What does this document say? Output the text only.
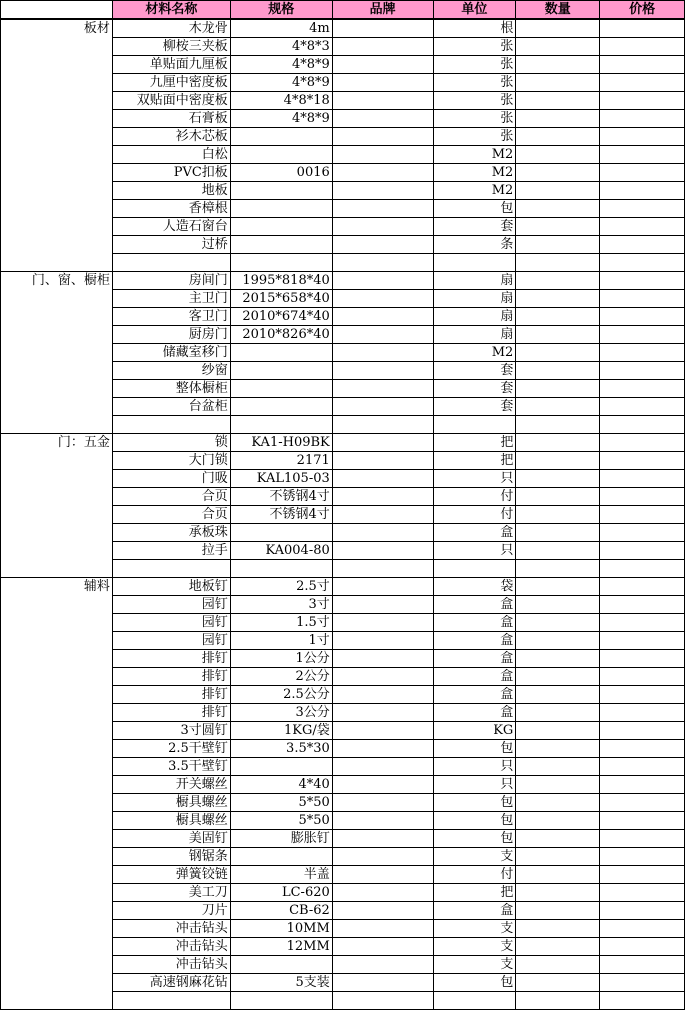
	材料名称	规格	品牌	单位	数量	价格
板材	木龙骨	4m		根		
	柳桉三夹板	4*8*3		张		
	单贴面九厘板	4*8*9		张		
	九厘中密度板	4*8*9		张		
	双贴面中密度板	4*8*18		张		
	石膏板	4*8*9		张		
	衫木芯板			张		
	白松			M2		
	PVC扣板	0016		M2		
	地板			M2		
	香樟根			包		
	人造石窗台			套		
	过桥			条		

门、窗、橱柜	房间门	1995*818*40		扇		
	主卫门	2015*658*40		扇		
	客卫门	2010*674*40		扇		
	厨房门	2010*826*40		扇		
	储藏室移门			M2		
	纱窗			套		
	整体橱柜			套		
	台盆柜			套		

门：五金	锁	KA1-H09BK		把		
	大门锁	2171		把		
	门吸	KAL105-03		只		
	合页	不锈钢4寸		付		
	合页	不锈钢4寸		付		
	承板珠			盒		
	拉手	KA004-80		只		

辅料	地板钉	2.5寸		袋		
	园钉	3寸		盒		
	园钉	1.5寸		盒		
	园钉	1寸		盒		
	排钉	1公分		盒		
	排钉	2公分		盒		
	排钉	2.5公分		盒		
	排钉	3公分		盒		
	3寸圆钉	1KG/袋		KG		
	2.5干壁钉	3.5*30		包		
	3.5干壁钉			只		
	开关螺丝	4*40		只		
	橱具螺丝	5*50		包		
	橱具螺丝	5*50		包		
	美固钉	膨胀钉		包		
	钢锯条			支		
	弹簧铰链	半盖		付		
	美工刀	LC-620		把		
	刀片	CB-62		盒		
	冲击钻头	10MM		支		
	冲击钻头	12MM		支		
	冲击钻头			支		
	高速钢麻花钻	5支装		包		
